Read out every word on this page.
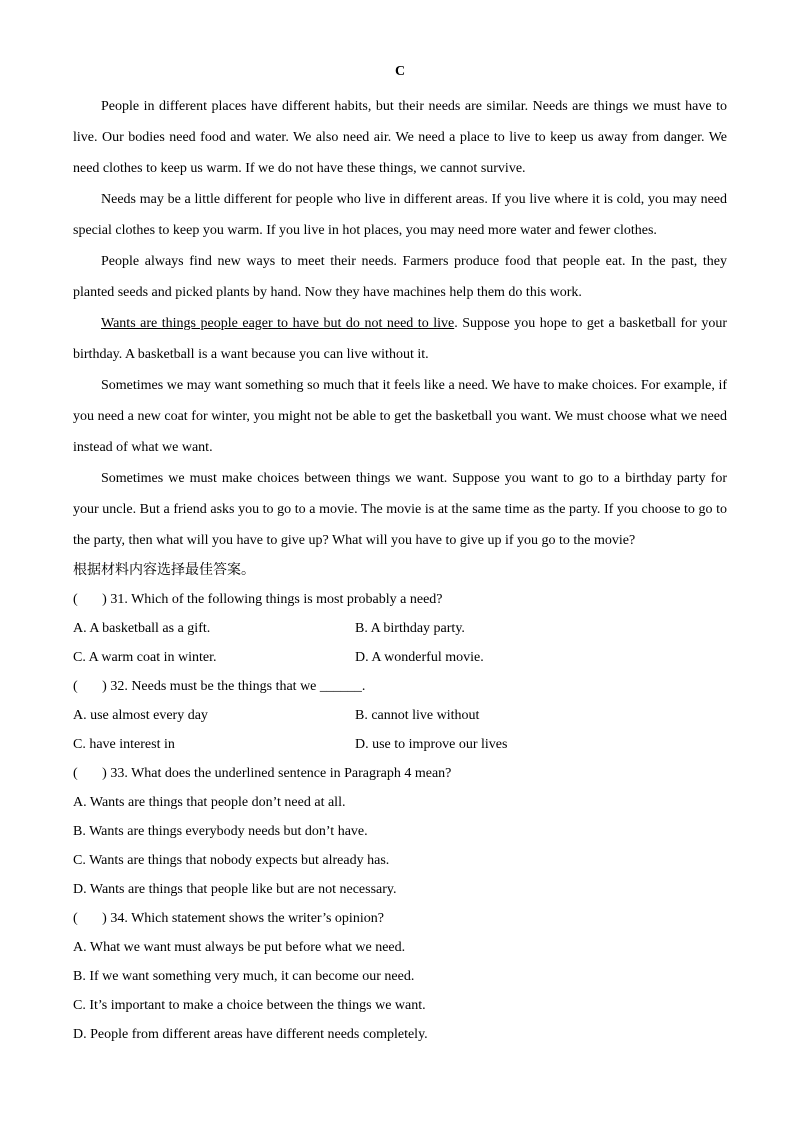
C

People in different places have different habits, but their needs are similar. Needs are things we must have to live. Our bodies need food and water. We also need air. We need a place to live to keep us away from danger. We need clothes to keep us warm. If we do not have these things, we cannot survive.

Needs may be a little different for people who live in different areas. If you live where it is cold, you may need special clothes to keep you warm. If you live in hot places, you may need more water and fewer clothes.

People always find new ways to meet their needs. Farmers produce food that people eat. In the past, they planted seeds and picked plants by hand. Now they have machines help them do this work.

Wants are things people eager to have but do not need to live. Suppose you hope to get a basketball for your birthday. A basketball is a want because you can live without it.

Sometimes we may want something so much that it feels like a need. We have to make choices. For example, if you need a new coat for winter, you might not be able to get the basketball you want. We must choose what we need instead of what we want.

Sometimes we must make choices between things we want. Suppose you want to go to a birthday party for your uncle. But a friend asks you to go to a movie. The movie is at the same time as the party. If you choose to go to the party, then what will you have to give up? What will you have to give up if you go to the movie?

根据材料内容选择最佳答案。

(       ) 31. Which of the following things is most probably a need?

A. A basketball as a gift.	B. A birthday party.
C. A warm coat in winter.	D. A wonderful movie.

(       ) 32. Needs must be the things that we ______.

A. use almost every day	B. cannot live without
C. have interest in	D. use to improve our lives

(       ) 33. What does the underlined sentence in Paragraph 4 mean?

A. Wants are things that people don’t need at all.

B. Wants are things everybody needs but don’t have.

C. Wants are things that nobody expects but already has.

D. Wants are things that people like but are not necessary.

(       ) 34. Which statement shows the writer’s opinion?

A. What we want must always be put before what we need.

B. If we want something very much, it can become our need.

C. It’s important to make a choice between the things we want.

D. People from different areas have different needs completely.
